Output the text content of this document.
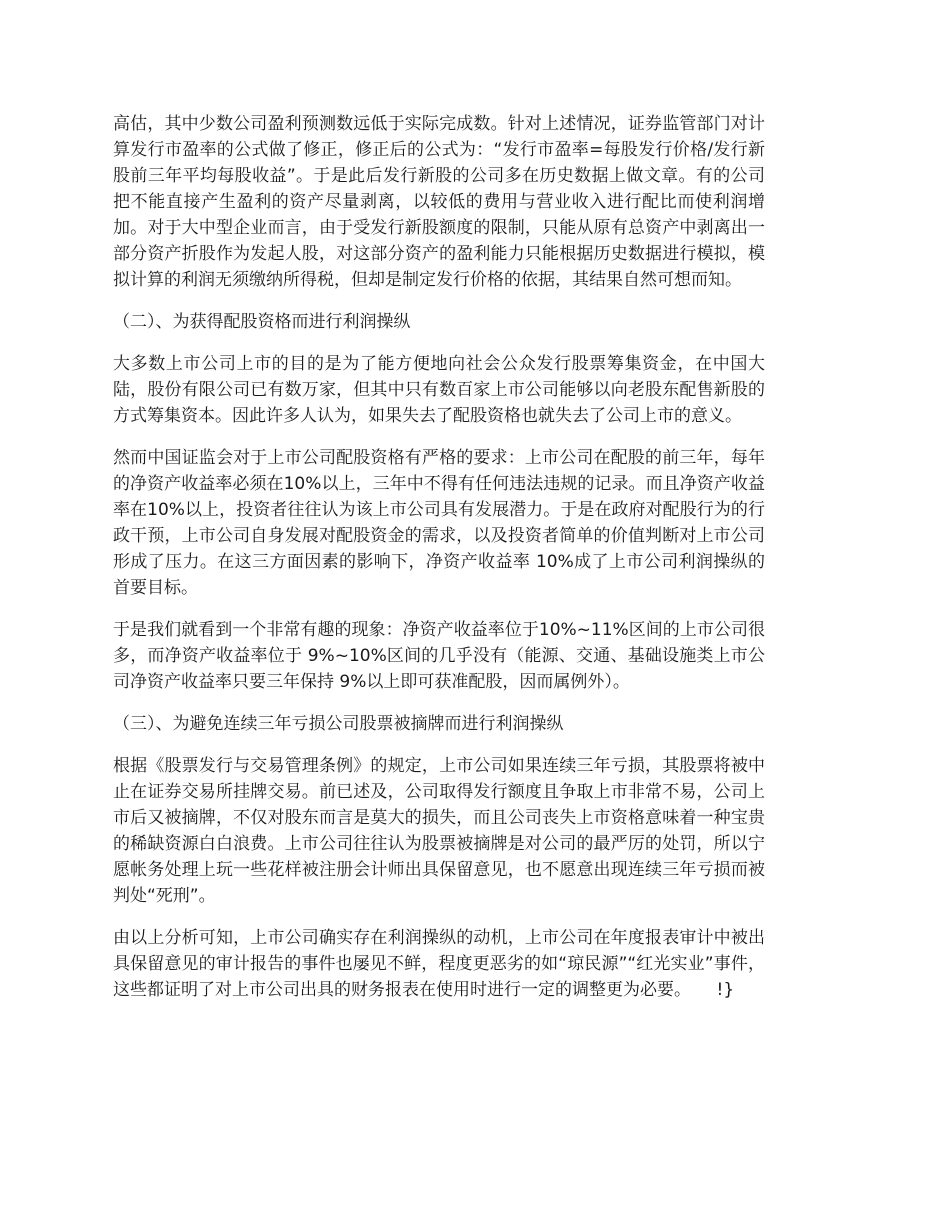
高估，其中少数公司盈利预测数远低于实际完成数。针对上述情况，证券监管部门对计算发行市盈率的公式做了修正，修正后的公式为：“发行市盈率=每股发行价格/发行新股前三年平均每股收益”。于是此后发行新股的公司多在历史数据上做文章。有的公司把不能直接产生盈利的资产尽量剥离，以较低的费用与营业收入进行配比而使利润增加。对于大中型企业而言，由于受发行新股额度的限制，只能从原有总资产中剥离出一部分资产折股作为发起人股，对这部分资产的盈利能力只能根据历史数据进行模拟，模拟计算的利润无须缴纳所得税，但却是制定发行价格的依据，其结果自然可想而知。

（二）、为获得配股资格而进行利润操纵

大多数上市公司上市的目的是为了能方便地向社会公众发行股票筹集资金，在中国大陆，股份有限公司已有数万家，但其中只有数百家上市公司能够以向老股东配售新股的方式筹集资本。因此许多人认为，如果失去了配股资格也就失去了公司上市的意义。

然而中国证监会对于上市公司配股资格有严格的要求：上市公司在配股的前三年，每年的净资产收益率必须在10%以上，三年中不得有任何违法违规的记录。而且净资产收益率在10%以上，投资者往往认为该上市公司具有发展潜力。于是在政府对配股行为的行政干预，上市公司自身发展对配股资金的需求，以及投资者简单的价值判断对上市公司形成了压力。在这三方面因素的影响下，净资产收益率 10%成了上市公司利润操纵的首要目标。

于是我们就看到一个非常有趣的现象：净资产收益率位于10%~11%区间的上市公司很多，而净资产收益率位于 9%~10%区间的几乎没有（能源、交通、基础设施类上市公司净资产收益率只要三年保持 9%以上即可获准配股，因而属例外）。

（三）、为避免连续三年亏损公司股票被摘牌而进行利润操纵

根据《股票发行与交易管理条例》的规定，上市公司如果连续三年亏损，其股票将被中止在证券交易所挂牌交易。前已述及，公司取得发行额度且争取上市非常不易，公司上市后又被摘牌，不仅对股东而言是莫大的损失，而且公司丧失上市资格意味着一种宝贵的稀缺资源白白浪费。上市公司往往认为股票被摘牌是对公司的最严厉的处罚，所以宁愿帐务处理上玩一些花样被注册会计师出具保留意见，也不愿意出现连续三年亏损而被判处“死刑”。

由以上分析可知，上市公司确实存在利润操纵的动机，上市公司在年度报表审计中被出具保留意见的审计报告的事件也屡见不鲜，程度更恶劣的如“琼民源”“红光实业”事件，这些都证明了对上市公司出具的财务报表在使用时进行一定的调整更为必要。　　!}
